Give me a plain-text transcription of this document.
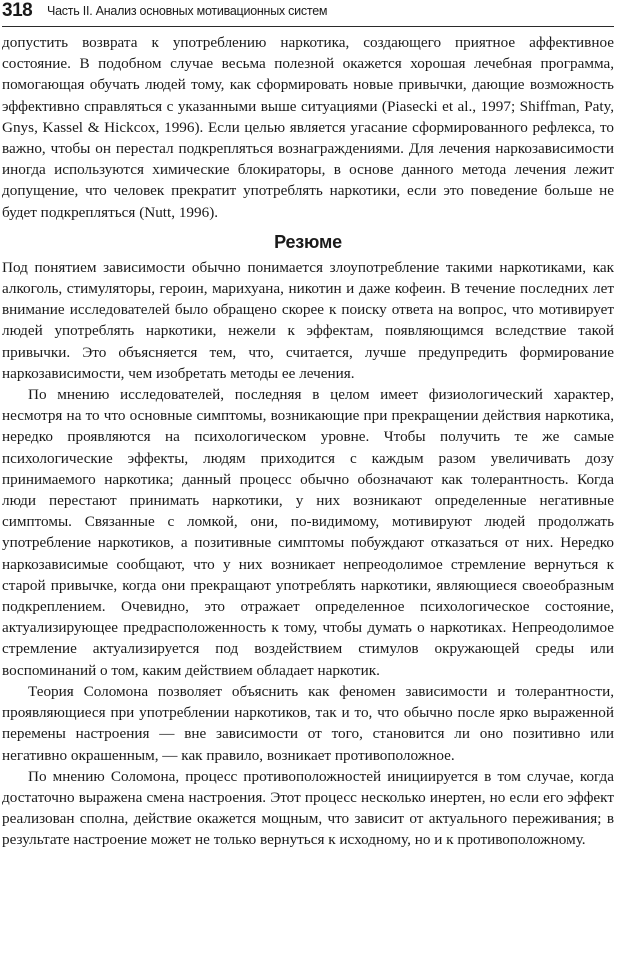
318 Часть II. Анализ основных мотивационных систем

допустить возврата к употреблению наркотика, создающего приятное аффективное состояние. В подобном случае весьма полезной окажется хорошая лечебная программа, помогающая обучать людей тому, как сформировать новые привычки, дающие возможность эффективно справляться с указанными выше ситуациями (Piasecki et al., 1997; Shiffman, Paty, Gnys, Kassel & Hickcox, 1996). Если целью является угасание сформированного рефлекса, то важно, чтобы он перестал подкрепляться вознаграждениями. Для лечения наркозависимости иногда используются химические блокираторы, в основе данного метода лечения лежит допущение, что человек прекратит употреблять наркотики, если это поведение больше не будет подкрепляться (Nutt, 1996).

Резюме

Под понятием зависимости обычно понимается злоупотребление такими наркотиками, как алкоголь, стимуляторы, героин, марихуана, никотин и даже кофеин. В течение последних лет внимание исследователей было обращено скорее к поиску ответа на вопрос, что мотивирует людей употреблять наркотики, нежели к эффектам, появляющимся вследствие такой привычки. Это объясняется тем, что, считается, лучше предупредить формирование наркозависимости, чем изобретать методы ее лечения.

По мнению исследователей, последняя в целом имеет физиологический характер, несмотря на то что основные симптомы, возникающие при прекращении действия наркотика, нередко проявляются на психологическом уровне. Чтобы получить те же самые психологические эффекты, людям приходится с каждым разом увеличивать дозу принимаемого наркотика; данный процесс обычно обозначают как толерантность. Когда люди перестают принимать наркотики, у них возникают определенные негативные симптомы. Связанные с ломкой, они, по-видимому, мотивируют людей продолжать употребление наркотиков, а позитивные симптомы побуждают отказаться от них. Нередко наркозависимые сообщают, что у них возникает непреодолимое стремление вернуться к старой привычке, когда они прекращают употреблять наркотики, являющиеся своеобразным подкреплением. Очевидно, это отражает определенное психологическое состояние, актуализирующее предрасположенность к тому, чтобы думать о наркотиках. Непреодолимое стремление актуализируется под воздействием стимулов окружающей среды или воспоминаний о том, каким действием обладает наркотик.

Теория Соломона позволяет объяснить как феномен зависимости и толерантности, проявляющиеся при употреблении наркотиков, так и то, что обычно после ярко выраженной перемены настроения — вне зависимости от того, становится ли оно позитивно или негативно окрашенным, — как правило, возникает противоположное.

По мнению Соломона, процесс противоположностей инициируется в том случае, когда достаточно выражена смена настроения. Этот процесс несколько инертен, но если его эффект реализован сполна, действие окажется мощным, что зависит от актуального переживания; в результате настроение может не только вернуться к исходному, но и к противоположному.
